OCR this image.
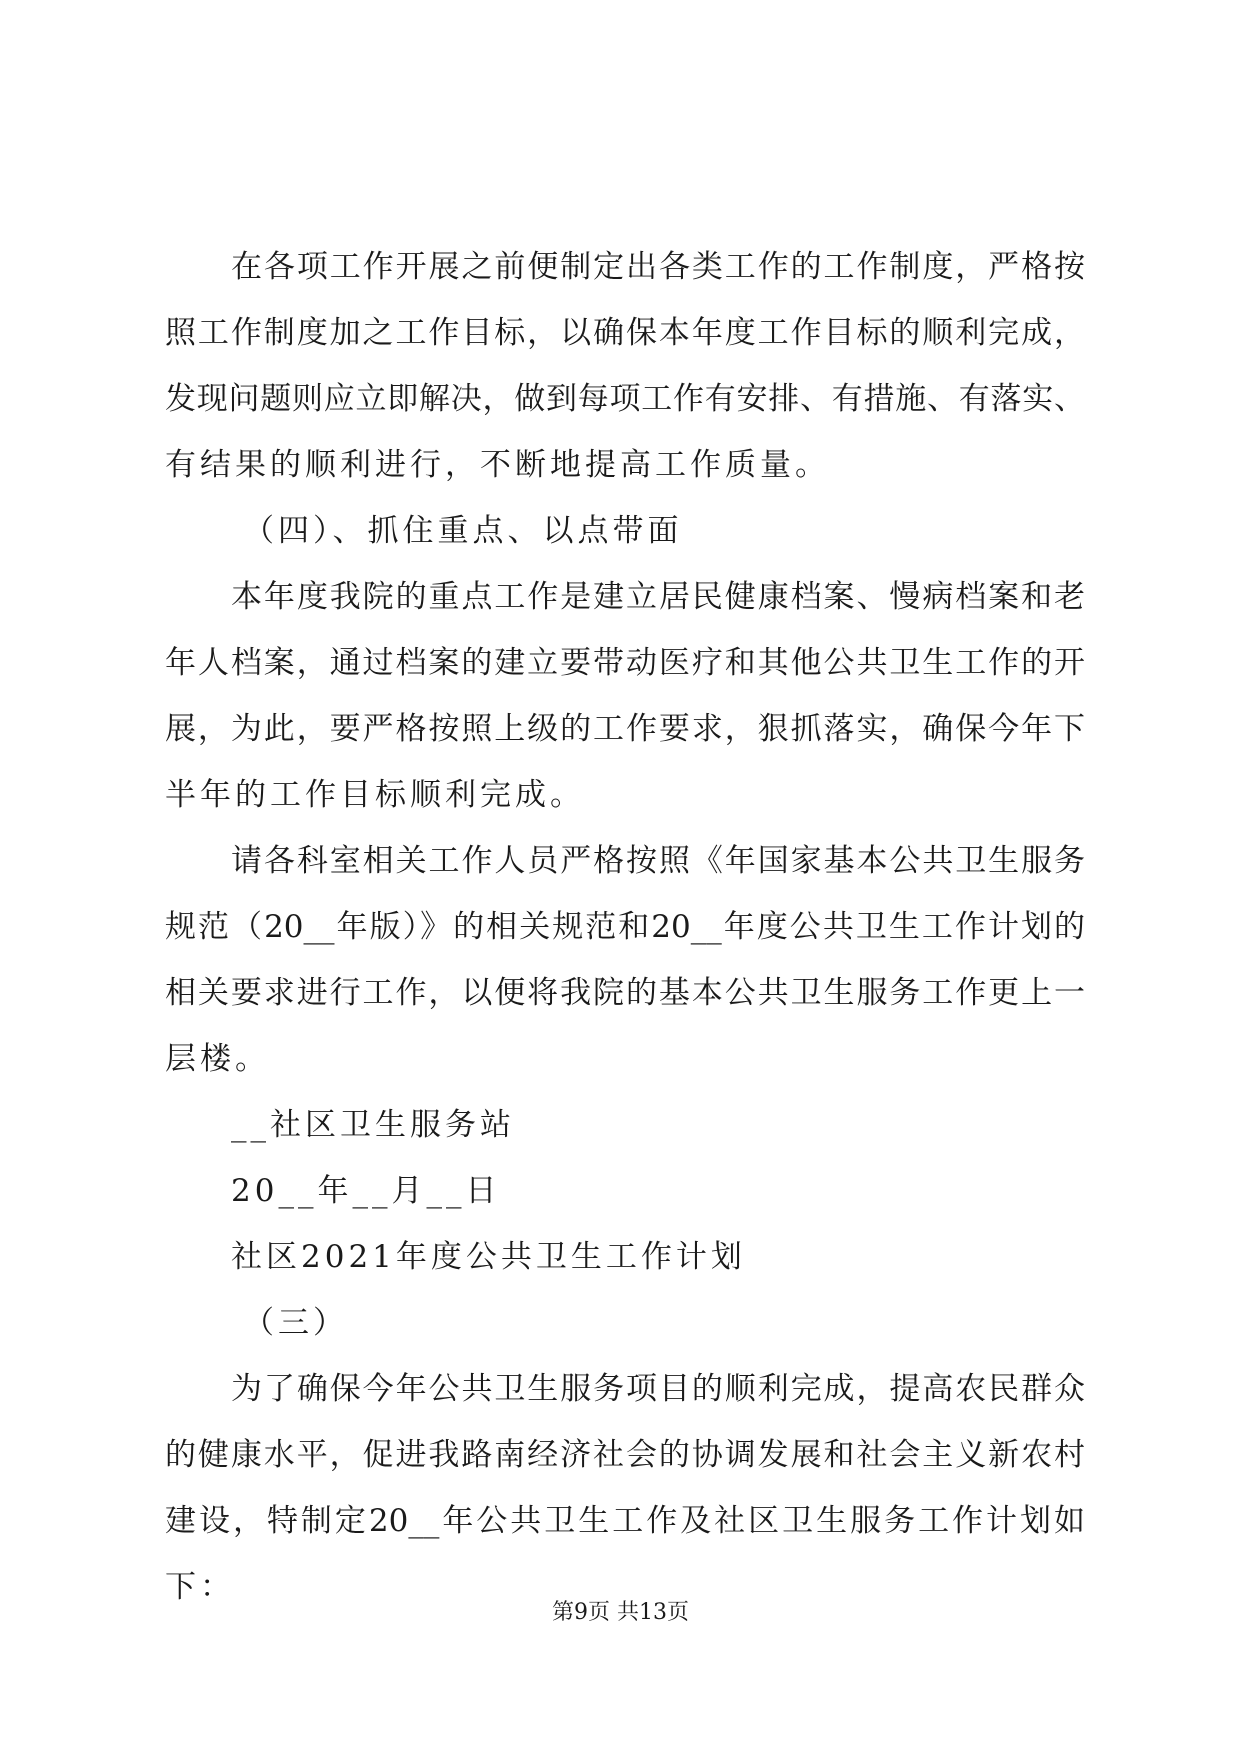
在各项工作开展之前便制定出各类工作的工作制度，严格按
照工作制度加之工作目标，以确保本年度工作目标的顺利完成，
发现问题则应立即解决，做到每项工作有安排、有措施、有落实、
有结果的顺利进行，不断地提高工作质量。
（四）、抓住重点、以点带面
本年度我院的重点工作是建立居民健康档案、慢病档案和老
年人档案，通过档案的建立要带动医疗和其他公共卫生工作的开
展，为此，要严格按照上级的工作要求，狠抓落实，确保今年下
半年的工作目标顺利完成。
请各科室相关工作人员严格按照《年国家基本公共卫生服务
规范（20__年版）》的相关规范和20__年度公共卫生工作计划的
相关要求进行工作，以便将我院的基本公共卫生服务工作更上一
层楼。
__社区卫生服务站
20__年__月__日
社区2021年度公共卫生工作计划
（三）
为了确保今年公共卫生服务项目的顺利完成，提高农民群众
的健康水平，促进我路南经济社会的协调发展和社会主义新农村
建设，特制定20__年公共卫生工作及社区卫生服务工作计划如
下：
第9页 共13页
